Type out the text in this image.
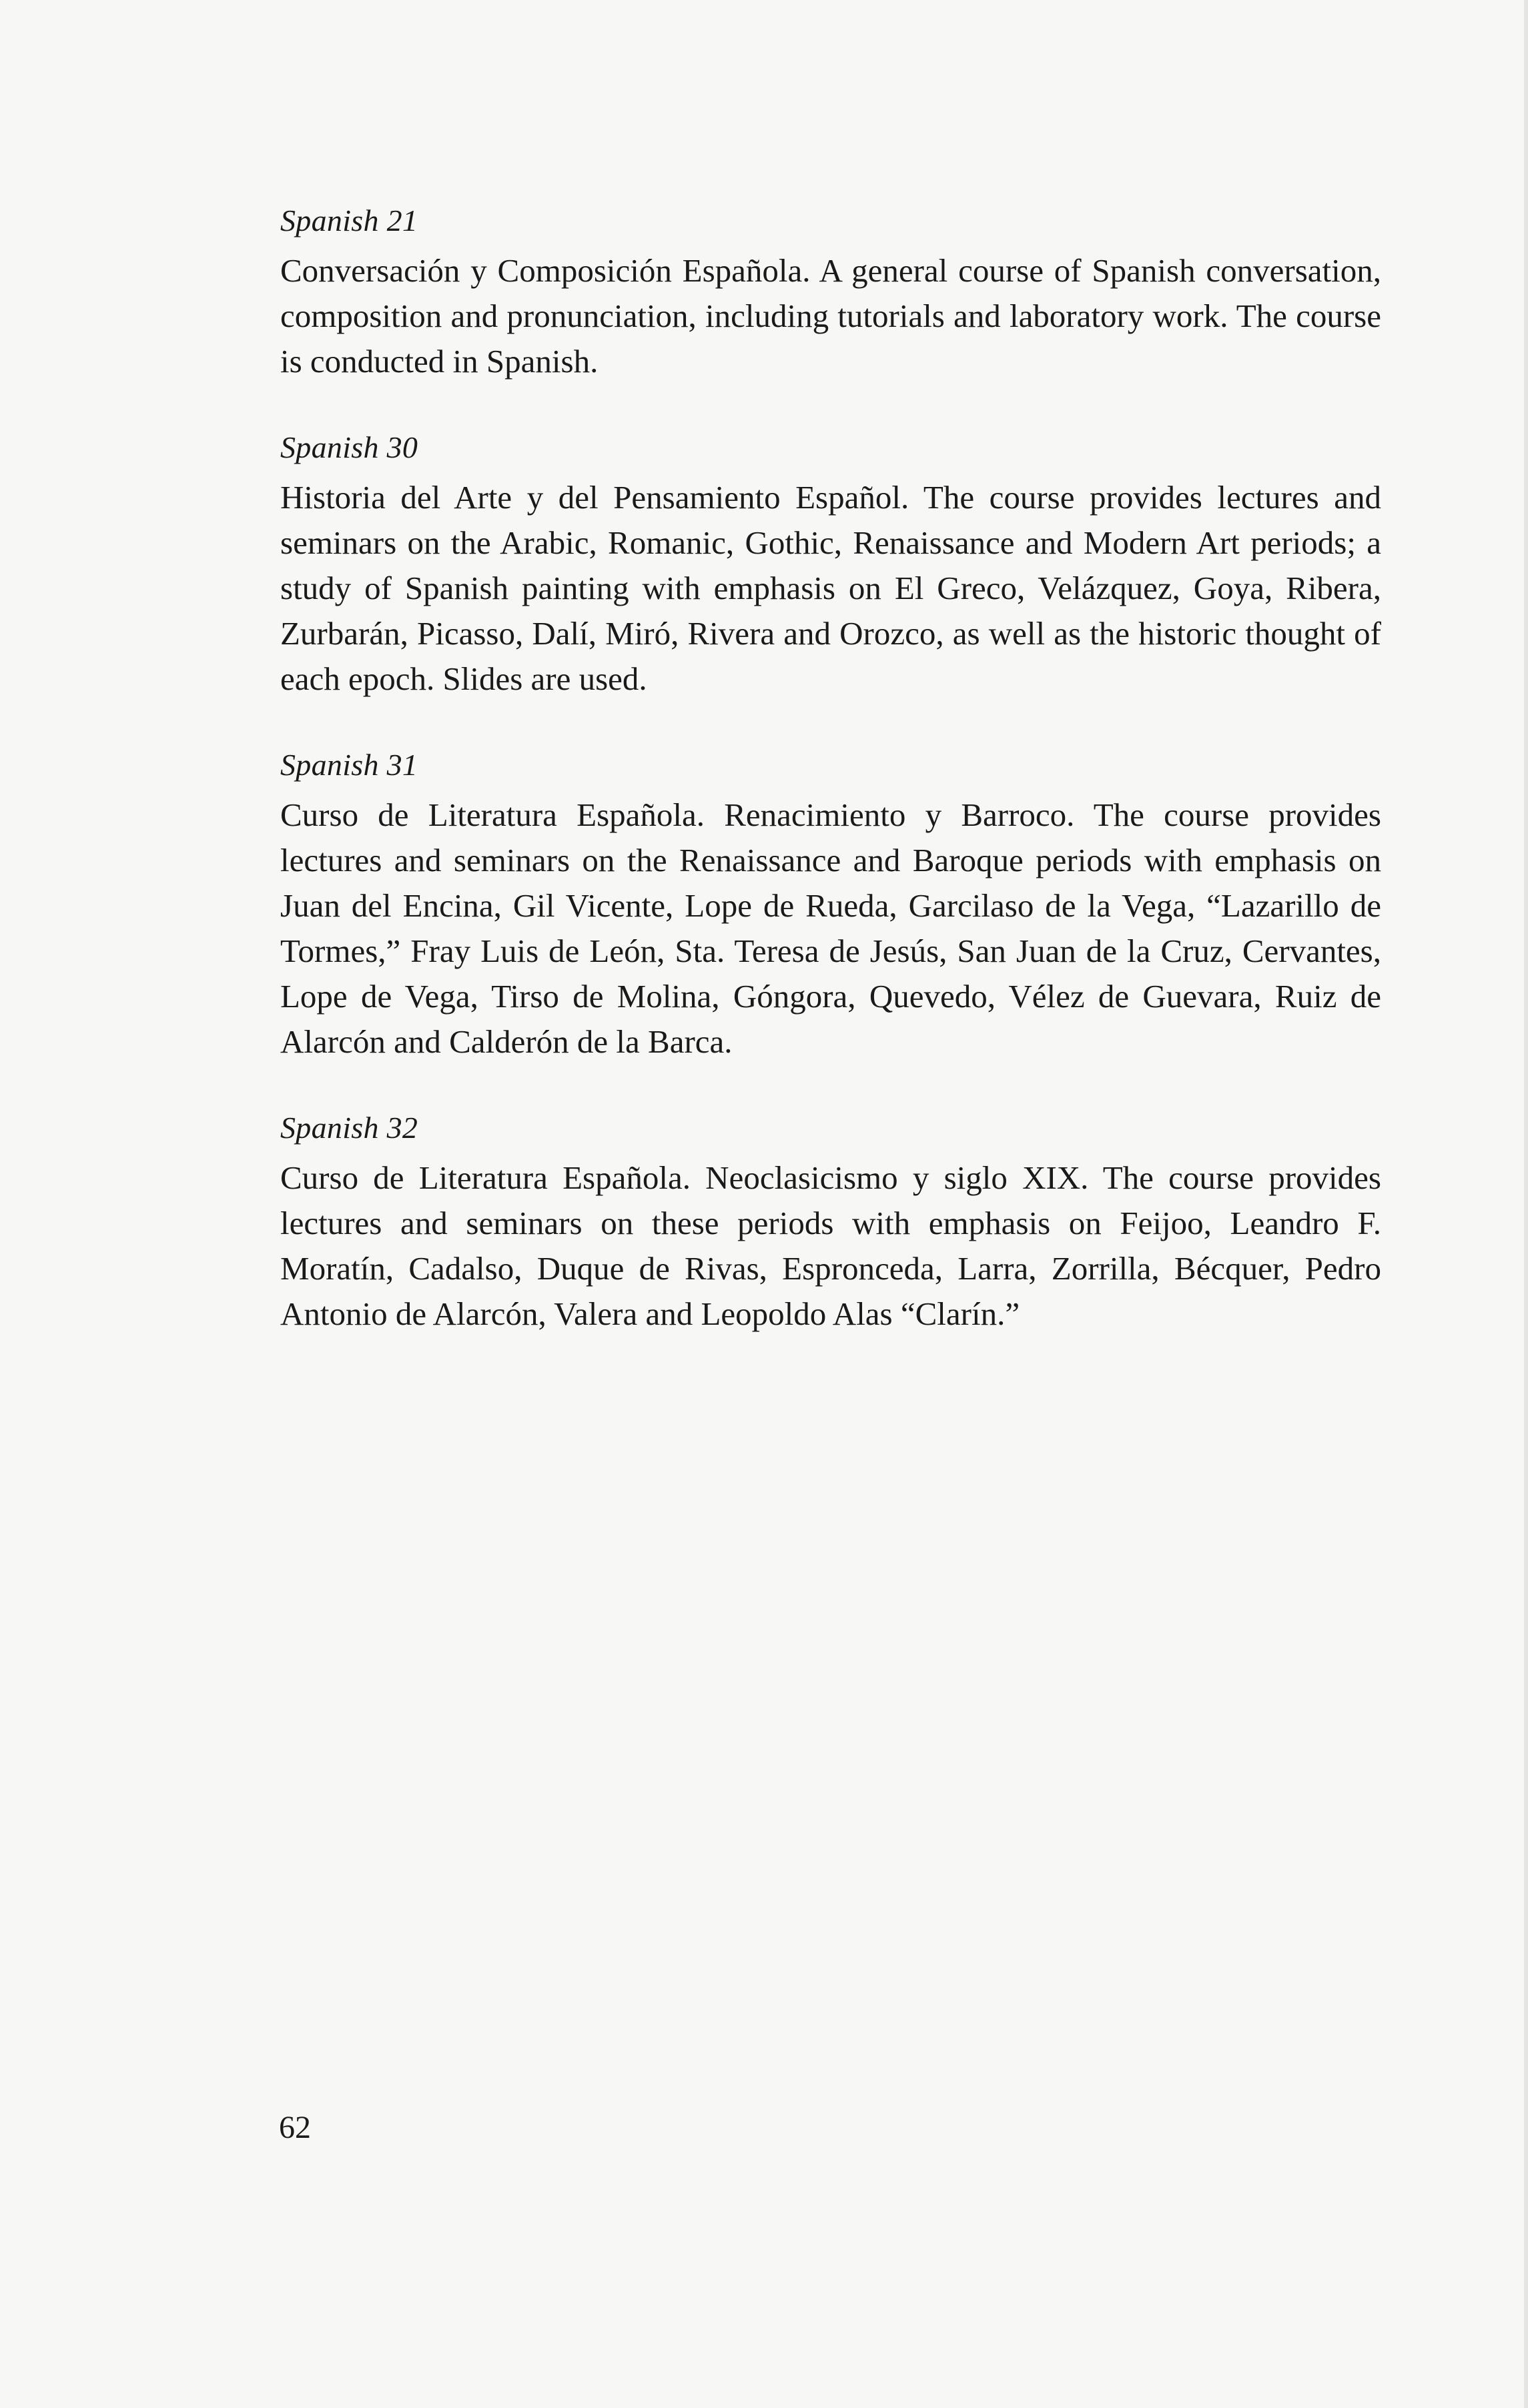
Spanish 21

Conversación y Composición Española. A general course of Spanish conversation, composition and pronunciation, including tutorials and laboratory work. The course is conducted in Spanish.

Spanish 30

Historia del Arte y del Pensamiento Español. The course provides lectures and seminars on the Arabic, Romanic, Gothic, Renaissance and Modern Art periods; a study of Spanish painting with emphasis on El Greco, Velázquez, Goya, Ribera, Zurbarán, Picasso, Dalí, Miró, Rivera and Orozco, as well as the historic thought of each epoch. Slides are used.

Spanish 31

Curso de Literatura Española. Renacimiento y Barroco. The course provides lectures and seminars on the Renaissance and Baroque periods with emphasis on Juan del Encina, Gil Vicente, Lope de Rueda, Garcilaso de la Vega, “Lazarillo de Tormes,” Fray Luis de León, Sta. Teresa de Jesús, San Juan de la Cruz, Cervantes, Lope de Vega, Tirso de Molina, Góngora, Quevedo, Vélez de Guevara, Ruiz de Alarcón and Calderón de la Barca.

Spanish 32

Curso de Literatura Española. Neoclasicismo y siglo XIX. The course provides lectures and seminars on these periods with emphasis on Feijoo, Leandro F. Moratín, Cadalso, Duque de Rivas, Espronceda, Larra, Zorrilla, Bécquer, Pedro Antonio de Alarcón, Valera and Leopoldo Alas “Clarín.”

62
